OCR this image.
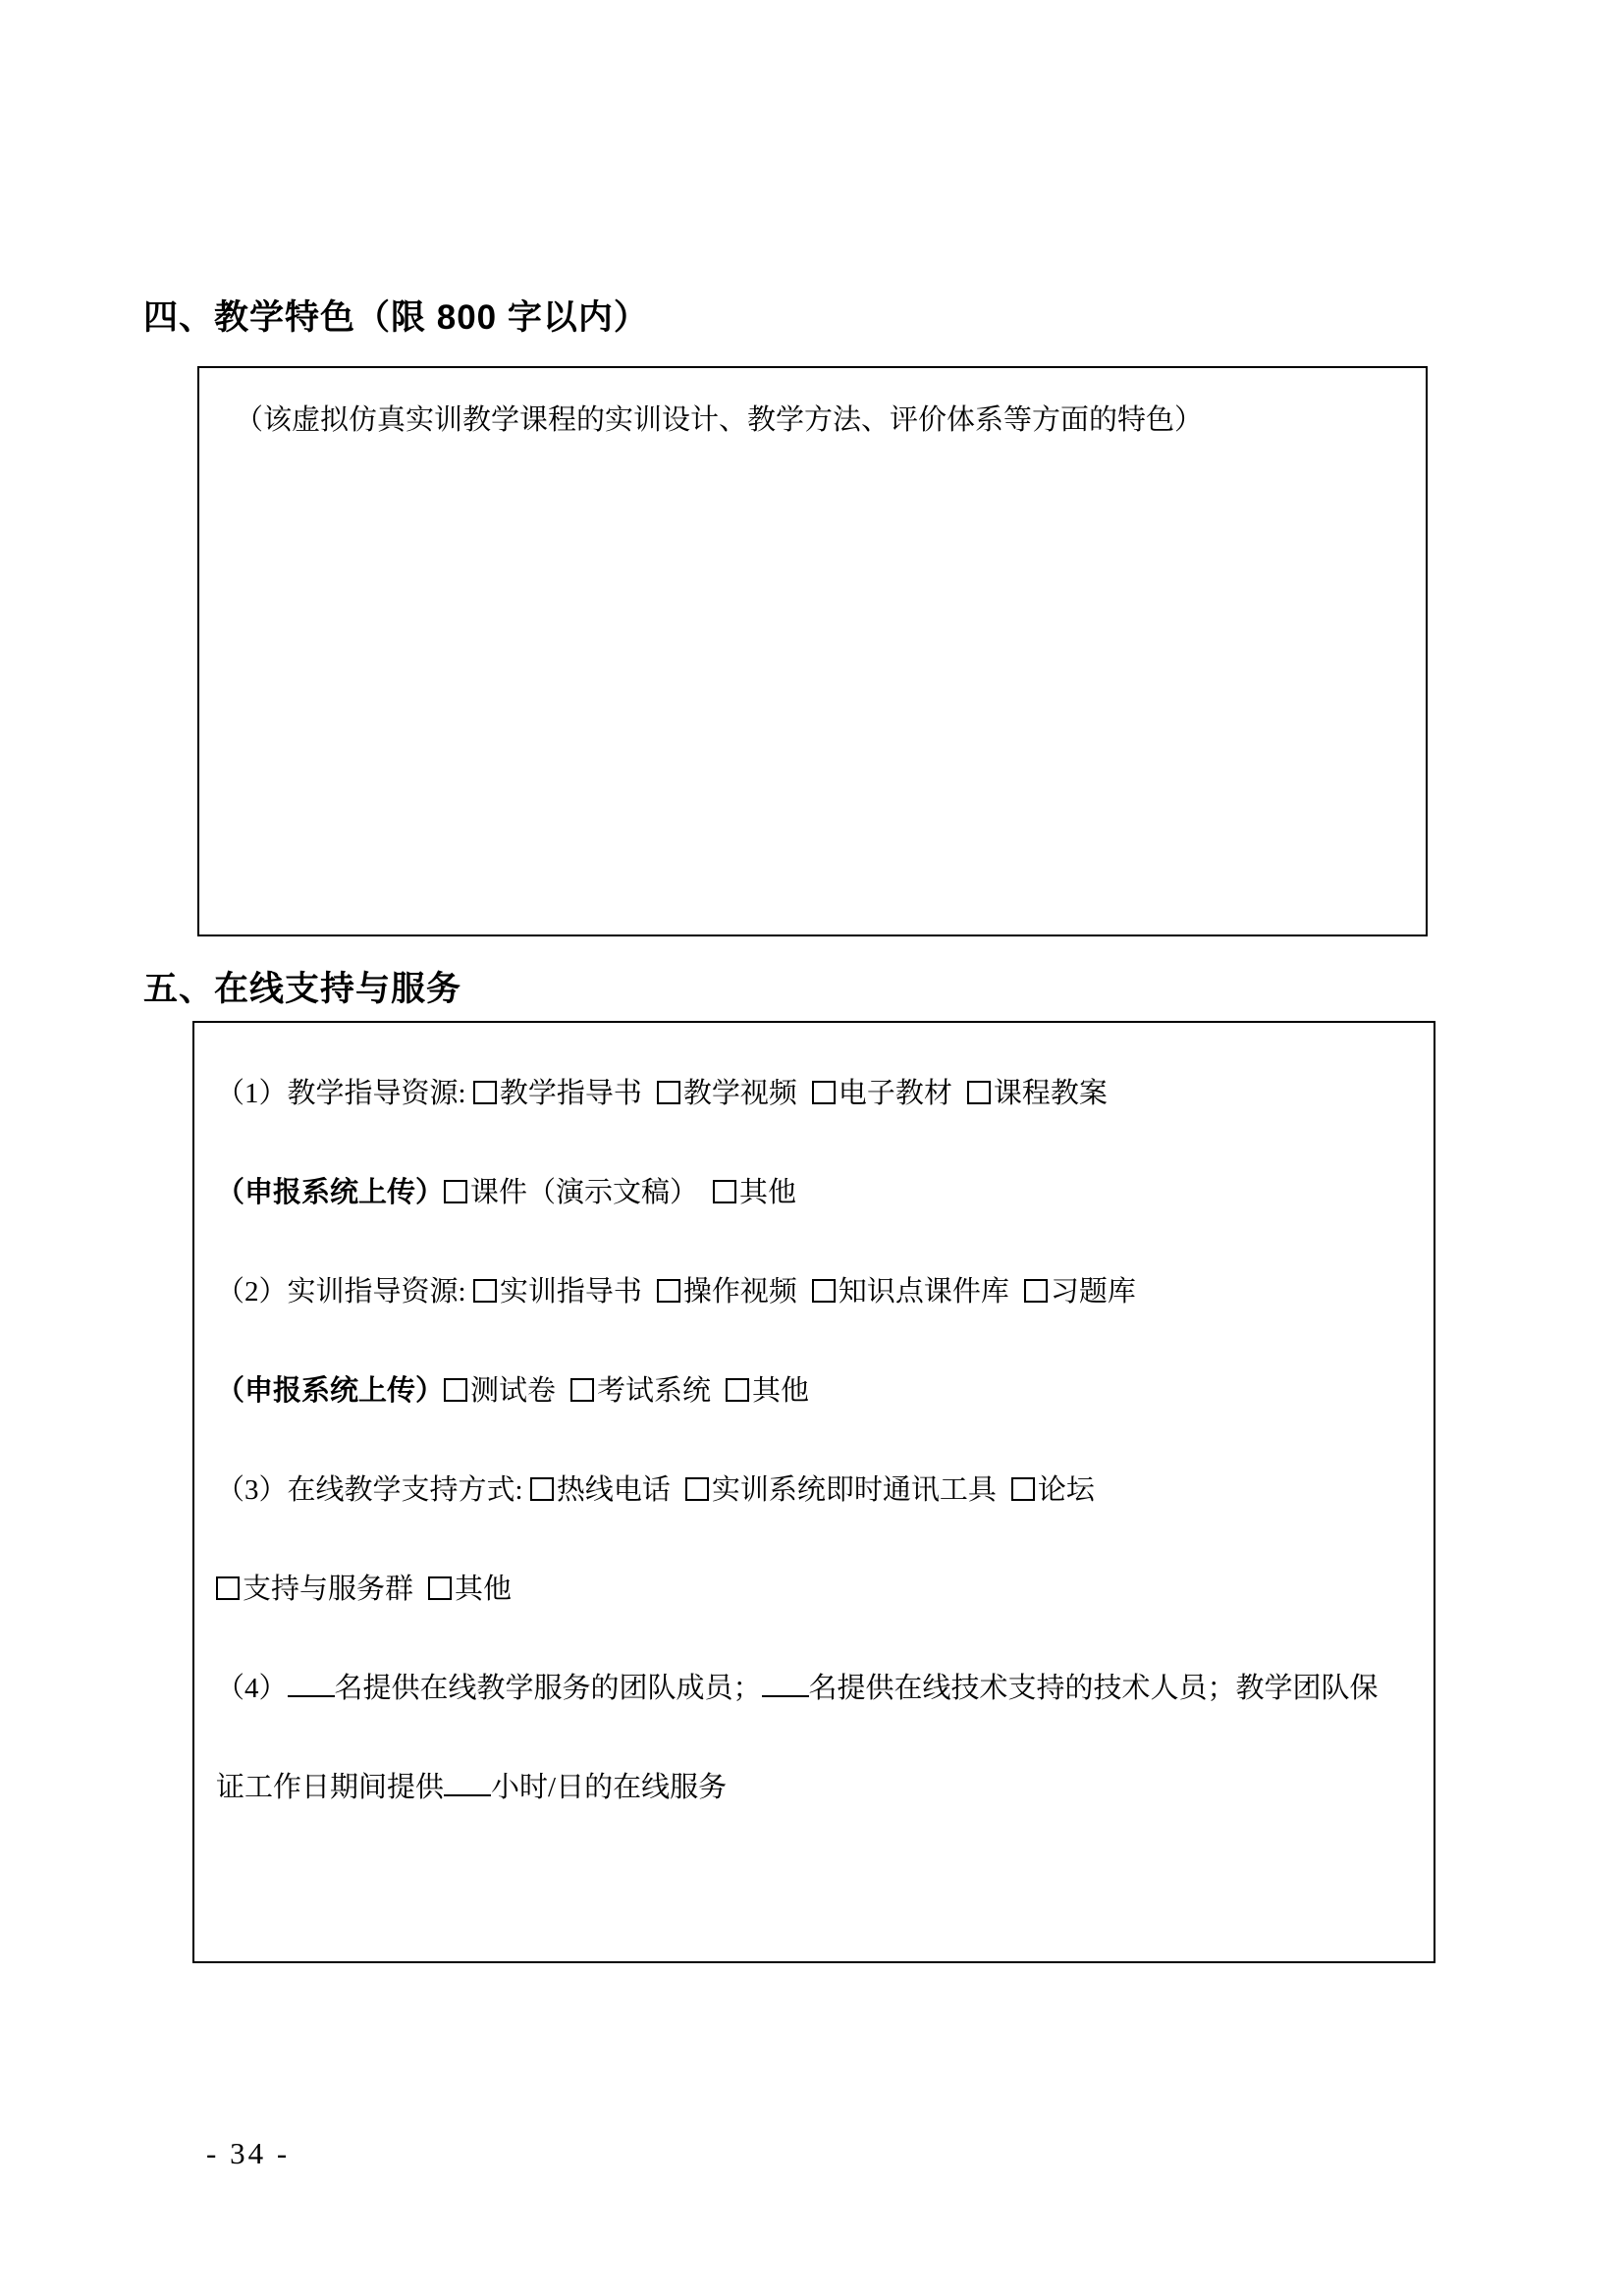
四、教学特色（限 800 字以内）

（该虚拟仿真实训教学课程的实训设计、教学方法、评价体系等方面的特色）

五、在线支持与服务

（1）教学指导资源: 教学指导书 教学视频 电子教材 课程教案

（申报系统上传） 课件（演示文稿） 其他

（2）实训指导资源: 实训指导书 操作视频 知识点课件库 习题库

（申报系统上传） 测试卷 考试系统 其他

（3）在线教学支持方式: 热线电话 实训系统即时通讯工具 论坛

支持与服务群 其他

（4） 名提供在线教学服务的团队成员； 名提供在线技术支持的技术人员；教学团队保证工作日期间提供 小时/日的在线服务

- 34 -
